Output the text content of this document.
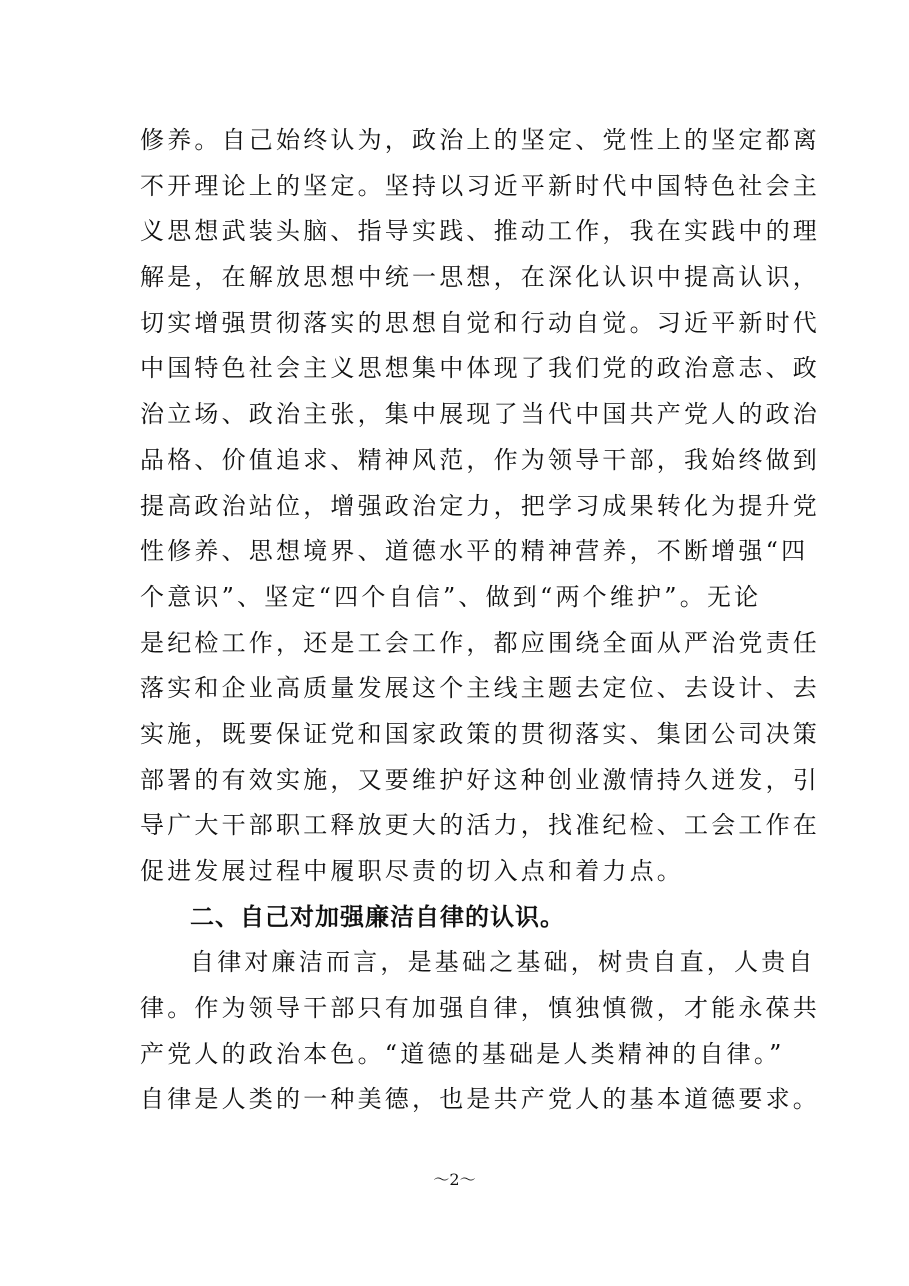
修养。自己始终认为，政治上的坚定、党性上的坚定都离
不开理论上的坚定。坚持以习近平新时代中国特色社会主
义思想武装头脑、指导实践、推动工作，我在实践中的理
解是，在解放思想中统一思想，在深化认识中提高认识，
切实增强贯彻落实的思想自觉和行动自觉。习近平新时代
中国特色社会主义思想集中体现了我们党的政治意志、政
治立场、政治主张，集中展现了当代中国共产党人的政治
品格、价值追求、精神风范，作为领导干部，我始终做到
提高政治站位，增强政治定力，把学习成果转化为提升党
性修养、思想境界、道德水平的精神营养，不断增强“四
个意识”、坚定“四个自信”、做到“两个维护”。无论
是纪检工作，还是工会工作，都应围绕全面从严治党责任
落实和企业高质量发展这个主线主题去定位、去设计、去
实施，既要保证党和国家政策的贯彻落实、集团公司决策
部署的有效实施，又要维护好这种创业激情持久迸发，引
导广大干部职工释放更大的活力，找准纪检、工会工作在
促进发展过程中履职尽责的切入点和着力点。
二、自己对加强廉洁自律的认识。
自律对廉洁而言，是基础之基础，树贵自直，人贵自
律。作为领导干部只有加强自律，慎独慎微，才能永葆共
产党人的政治本色。“道德的基础是人类精神的自律。”
自律是人类的一种美德，也是共产党人的基本道德要求。
～2～
